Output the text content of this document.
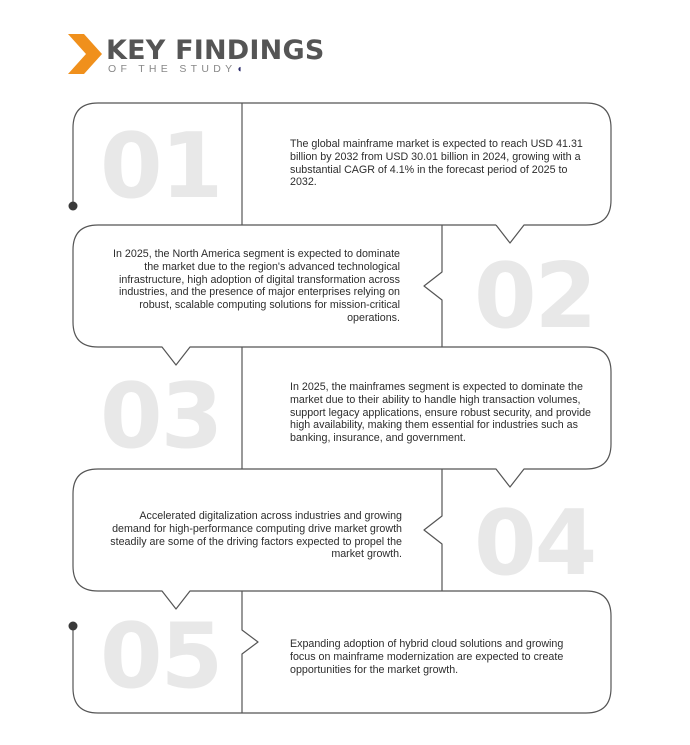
KEY FINDINGS
OF THE STUDY◖
01	The global mainframe market is expected to reach USD 41.31 billion by 2032 from USD 30.01 billion in 2024, growing with a substantial CAGR of 4.1% in the forecast period of 2025 to 2032.
02
In 2025, the North America segment is expected to dominate the market due to the region's advanced technological infrastructure, high adoption of digital transformation across industries, and the presence of major enterprises relying on robust, scalable computing solutions for mission-critical operations.
03	In 2025, the mainframes segment is expected to dominate the market due to their ability to handle high transaction volumes, support legacy applications, ensure robust security, and provide high availability, making them essential for industries such as banking, insurance, and government.
04
Accelerated digitalization across industries and growing demand for high-performance computing drive market growth steadily are some of the driving factors expected to propel the market growth.
05	Expanding adoption of hybrid cloud solutions and growing focus on mainframe modernization are expected to create opportunities for the market growth.
